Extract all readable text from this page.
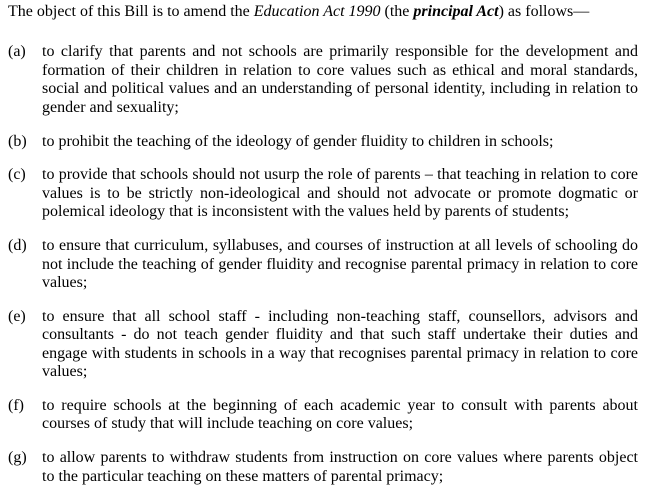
The object of this Bill is to amend the Education Act 1990 (the principal Act) as follows—

(a)	to clarify that parents and not schools are primarily responsible for the development and formation of their children in relation to core values such as ethical and moral standards, social and political values and an understanding of personal identity, including in relation to gender and sexuality;

(b) to prohibit the teaching of the ideology of gender fluidity to children in schools;

(c)	to provide that schools should not usurp the role of parents – that teaching in relation to core values is to be strictly non-ideological and should not advocate or promote dogmatic or polemical ideology that is inconsistent with the values held by parents of students;

(d) to ensure that curriculum, syllabuses, and courses of instruction at all levels of schooling do not include the teaching of gender fluidity and recognise parental primacy in relation to core values;

(e)	to ensure that all school staff - including non-teaching staff, counsellors, advisors and consultants - do not teach gender fluidity and that such staff undertake their duties and engage with students in schools in a way that recognises parental primacy in relation to core values;

(f)	to require schools at the beginning of each academic year to consult with parents about courses of study that will include teaching on core values;

(g) to allow parents to withdraw students from instruction on core values where parents object to the particular teaching on these matters of parental primacy;
